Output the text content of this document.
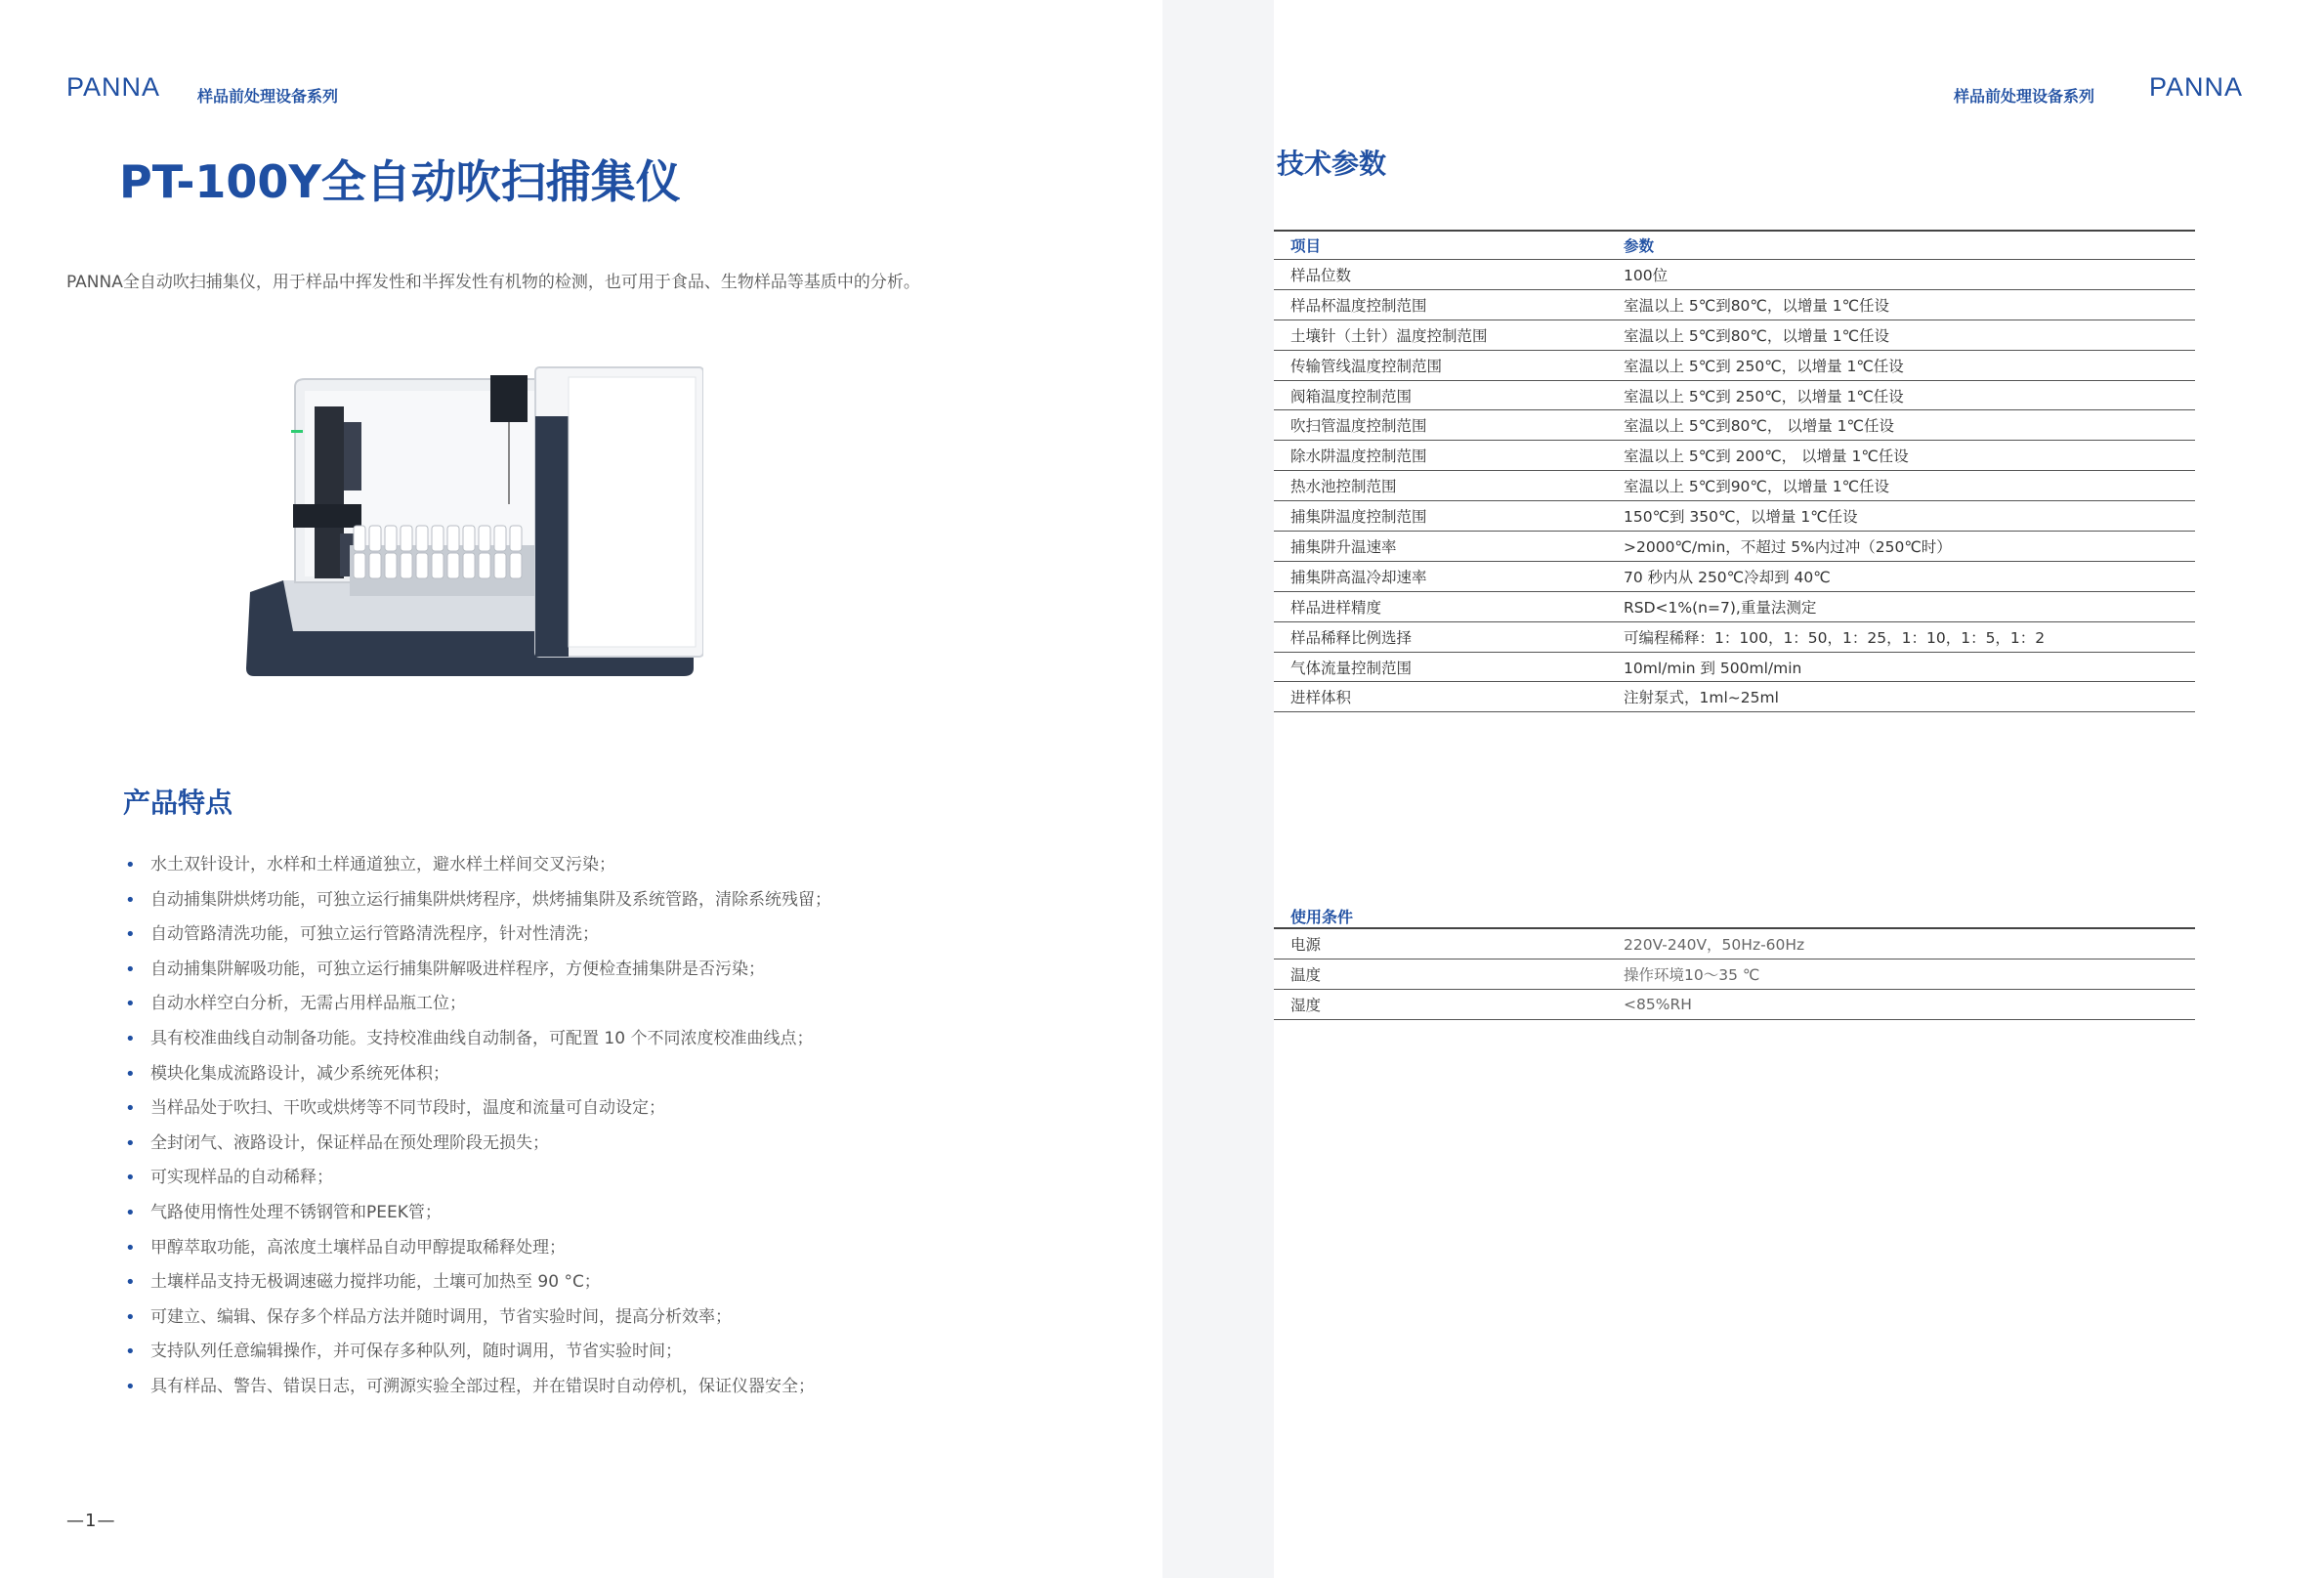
PANNA 样品前处理设备系列	样品前处理设备系列 PANNA
PT-100Y全自动吹扫捕集仪

PANNA全自动吹扫捕集仪，用于样品中挥发性和半挥发性有机物的检测，也可用于食品、生物样品等基质中的分析。

产品特点
• 水土双针设计，水样和土样通道独立，避水样土样间交叉污染；
• 自动捕集阱烘烤功能，可独立运行捕集阱烘烤程序，烘烤捕集阱及系统管路，清除系统残留；
• 自动管路清洗功能，可独立运行管路清洗程序，针对性清洗；
• 自动捕集阱解吸功能，可独立运行捕集阱解吸进样程序，方便检查捕集阱是否污染；
• 自动水样空白分析，无需占用样品瓶工位；
• 具有校准曲线自动制备功能。支持校准曲线自动制备，可配置 10 个不同浓度校准曲线点；
• 模块化集成流路设计，减少系统死体积；
• 当样品处于吹扫、干吹或烘烤等不同节段时，温度和流量可自动设定；
• 全封闭气、液路设计，保证样品在预处理阶段无损失；
• 可实现样品的自动稀释；
• 气路使用惰性处理不锈钢管和PEEK管；
• 甲醇萃取功能，高浓度土壤样品自动甲醇提取稀释处理；
• 土壤样品支持无极调速磁力搅拌功能，土壤可加热至 90 °C；
• 可建立、编辑、保存多个样品方法并随时调用，节省实验时间，提高分析效率；
• 支持队列任意编辑操作，并可保存多种队列，随时调用，节省实验时间；
• 具有样品、警告、错误日志，可溯源实验全部过程，并在错误时自动停机，保证仪器安全；
—1—
技术参数
项目	参数
样品位数	100位
样品杯温度控制范围	室温以上 5℃到80℃，以增量 1℃任设
土壤针（土针）温度控制范围	室温以上 5℃到80℃，以增量 1℃任设
传输管线温度控制范围	室温以上 5℃到 250℃，以增量 1℃任设
阀箱温度控制范围	室温以上 5℃到 250℃，以增量 1℃任设
吹扫管温度控制范围	室温以上 5℃到80℃， 以增量 1℃任设
除水阱温度控制范围	室温以上 5℃到 200℃， 以增量 1℃任设
热水池控制范围	室温以上 5℃到90℃，以增量 1℃任设
捕集阱温度控制范围	150℃到 350℃，以增量 1℃任设
捕集阱升温速率	>2000℃/min，不超过 5%内过冲（250℃时）
捕集阱高温冷却速率	70 秒内从 250℃冷却到 40℃
样品进样精度	RSD<1%(n=7),重量法测定
样品稀释比例选择	可编程稀释：1：100，1：50，1：25，1：10，1：5，1：2
气体流量控制范围	10ml/min 到 500ml/min
进样体积	注射泵式，1ml~25ml
使用条件
电源	220V-240V，50Hz-60Hz
温度	操作环境10～35 ℃
湿度	<85%RH
